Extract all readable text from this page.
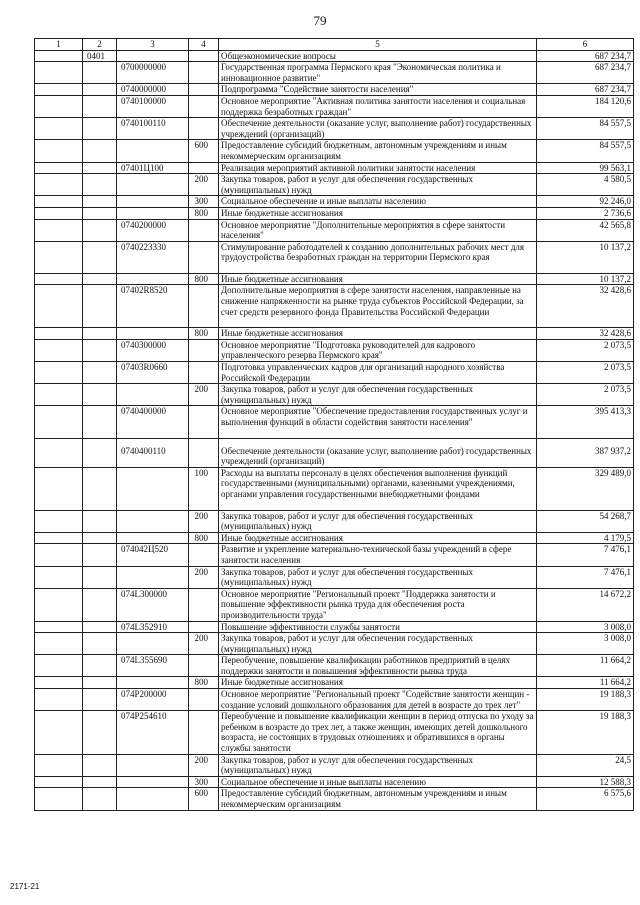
79
1	2	3	4	5	6
	0401			Общеэкономические вопросы	687 234,7
		0700000000		Государственная программа Пермского края "Экономическая политика и инновационное развитие"	687 234,7
		0740000000		Подпрограмма "Содействие занятости населения"	687 234,7
		0740100000		Основное мероприятие "Активная политика занятости населения и социальная поддержка безработных граждан"	184 120,6
		0740100110		Обеспечение деятельности (оказание услуг, выполнение работ) государственных учреждений (организаций)	84 557,5
			600	Предоставление субсидий бюджетным, автономным учреждениям и иным некоммерческим организациям	84 557,5
		07401Ц100		Реализация мероприятий активной политики занятости населения	99 563,1
			200	Закупка товаров, работ и услуг для обеспечения государственных (муниципальных) нужд	4 580,5
			300	Социальное обеспечение и иные выплаты населению	92 246,0
			800	Иные бюджетные ассигнования	2 736,6
		0740200000		Основное мероприятие "Дополнительные мероприятия в сфере занятости населения"	42 565,8
		0740223330		Стимулирование работодателей к созданию дополнительных рабочих мест для трудоустройства безработных граждан на территории Пермского края	10 137,2
			800	Иные бюджетные ассигнования	10 137,2
		07402R8520		Дополнительные мероприятия в сфере занятости населения, направленные на снижение напряженности на рынке труда субъектов Российской Федерации, за счет средств резервного фонда Правительства Российской Федерации	32 428,6
			800	Иные бюджетные ассигнования	32 428,6
		0740300000		Основное мероприятие "Подготовка руководителей для кадрового управленческого резерва Пермского края"	2 073,5
		07403R0660		Подготовка управленческих кадров для организаций народного хозяйства Российской Федерации	2 073,5
			200	Закупка товаров, работ и услуг для обеспечения государственных (муниципальных) нужд	2 073,5
		0740400000		Основное мероприятие "Обеспечение предоставления государственных услуг и выполнения функций в области содействия занятости населения"	395 413,3
		0740400110		Обеспечение деятельности (оказание услуг, выполнение работ) государственных учреждений (организаций)	387 937,2
			100	Расходы на выплаты персоналу в целях обеспечения выполнения функций государственными (муниципальными) органами, казенными учреждениями, органами управления государственными внебюджетными фондами	329 489,0
			200	Закупка товаров, работ и услуг для обеспечения государственных (муниципальных) нужд	54 268,7
			800	Иные бюджетные ассигнования	4 179,5
		074042Ц520		Развитие и укрепление материально-технической базы учреждений в сфере занятости населения	7 476,1
			200	Закупка товаров, работ и услуг для обеспечения государственных (муниципальных) нужд	7 476,1
		074L300000		Основное мероприятие "Региональный проект "Поддержка занятости и повышение эффективности рынка труда для обеспечения роста производительности труда"	14 672,2
		074L352910		Повышение эффективности службы занятости	3 008,0
			200	Закупка товаров, работ и услуг для обеспечения государственных (муниципальных) нужд	3 008,0
		074L355690		Переобучение, повышение квалификации работников предприятий в целях поддержки занятости и повышения эффективности рынка труда	11 664,2
			800	Иные бюджетные ассигнования	11 664,2
		074P200000		Основное мероприятие "Региональный проект "Содействие занятости женщин - создание условий дошкольного образования для детей в возрасте до трех лет"	19 188,3
		074P254610		Переобучение и повышение квалификации женщин в период отпуска по уходу за ребенком в возрасте до трех лет, а также женщин, имеющих детей дошкольного возраста, не состоящих в трудовых отношениях и обратившихся в органы службы занятости	19 188,3
			200	Закупка товаров, работ и услуг для обеспечения государственных (муниципальных) нужд	24,5
			300	Социальное обеспечение и иные выплаты населению	12 588,3
			600	Предоставление субсидий бюджетным, автономным учреждениям и иным некоммерческим организациям	6 575,6
2171-21
